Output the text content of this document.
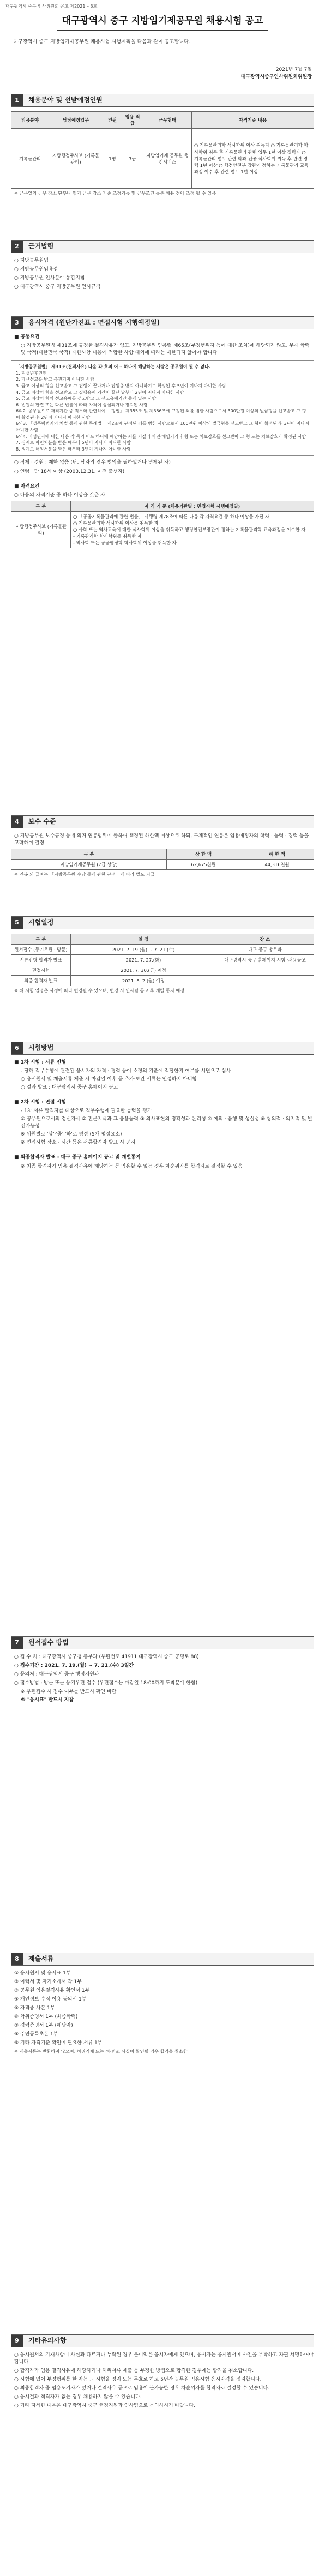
대구광역시 중구 인사위원회 공고 제2021 – 3호
대구광역시 중구 지방임기제공무원 채용시험 공고
대구광역시 중구 지방임기제공무원 채용시험 시행계획을 다음과 같이 공고합니다.
2021년 7월 7일
대구광역시중구인사위원회위원장
1	채용분야 및 선발예정인원
임용분야	담당예정업무	인원	임용 직급	근무형태	자격기준 내용
기록물관리	지방행정주사보 (기록물관리)	1명	7급	지방임기제 공무원 행정서비스	○ 기록물관리학 석사학위 이상 취득자 ○ 기록물관리학 학사학위 취득 후 기록물관리 관련 업무 1년 이상 경력자 ○ 기록물관리 업무 관련 학과 전공 석사학위 취득 후 관련 경력 1년 이상 ○ 행정안전부 장관이 정하는 기록물관리 교육과정 이수 후 관련 업무 1년 이상
※ 근무일의 근무 장소 단부나 임기 근무 장소 기준 조정가능 및 근무조건 등은 채용 전에 조정 될 수 있음
2	근거법령
○ 지방공무원법
○ 지방공무원임용령
○ 지방공무원 인사분야 통합지침
○ 대구광역시 중구 지방공무원 인사규칙
3	응시자격 (원단가진표 : 면접시험 시행예정일)
■ 공통요건
○ 지방공무원법 제31조에 규정한 결격사유가 없고, 지방공무원 임용령 제65조(부정행위자 등에 대한 조치)에 해당되지 않고, 무제 학력 및 국적(대한민국 국적) 제한사항 내용에 적합한 사항 대외에 따라는 제한되지 않아야 합니다.
「지방공무원법」 제31조(결격사유) 다음 각 호의 어느 하나에 해당하는 사람은 공무원이 될 수 없다.
1. 피성년후견인
2. 파산선고를 받고 복권되지 아니한 사람
3. 금고 이상의 형을 선고받고 그 집행이 끝나거나 집행을 받지 아니하기로 확정된 후 5년이 지나지 아니한 사람
4. 금고 이상의 형을 선고받고 그 집행유예 기간이 끝난 날부터 2년이 지나지 아니한 사람
5. 금고 이상의 형의 선고유예를 선고받고 그 선고유예기간 중에 있는 사람
6. 법원의 판결 또는 다른 법률에 따라 자격이 상실되거나 정지된 사람
6의2. 공무원으로 재직기간 중 직무와 관련하여 「형법」 제355조 및 제356조에 규정된 죄를 범한 사람으로서 300만원 이상의 벌금형을 선고받고 그 형이 확정된 후 2년이 지나지 아니한 사람
6의3. 「성폭력범죄의 처벌 등에 관한 특례법」 제2조에 규정된 죄를 범한 사람으로서 100만원 이상의 벌금형을 선고받고 그 형이 확정된 후 3년이 지나지 아니한 사람
6의4. 미성년자에 대한 다음 각 목의 어느 하나에 해당하는 죄를 저질러 파면·해임되거나 형 또는 치료감호를 선고받아 그 형 또는 치료감호가 확정된 사람
7. 징계로 파면처분을 받은 때부터 5년이 지나지 아니한 사람
8. 징계로 해임처분을 받은 때부터 3년이 지나지 아니한 사람
○ 직제 · 정원 : 제한 없음 (단, 남자의 경우 병역을 필하였거나 면제된 자)
○ 연령 : 만 18세 이상 (2003.12.31. 이전 출생자)
■ 자격요건
○ 다음의 자격기준 중 하나 이상을 갖춘 자
구 분	자 격 기 준 (채용기관별 : 면접시험 시행예정일)
지방행정주사보 (기록물관리)	○ 「공공기록물관리에 관한 법률」 시행령 제78조에 따른 다음 각 자격요건 중 하나 이상을 가진 자
○ 기록물관리학 석사학위 이상을 취득한 자
○ 사학 또는 역사교육에 대한 석사학위 이상을 취득하고 행정안전부장관이 정하는 기록물관리학 교육과정을 이수한 자
- 기록관리학 학사학위를 취득한 자
- 역사학 또는 공공행정학 학사학위 이상을 취득한 자
4	보수 수준
○ 지방공무원 보수규정 등에 의거 연봉범위에 한하여 책정된 하한액 이상으로 하되, 구체적인 연봉은 임용예정자의 학력 · 능력 · 경력 등을 고려하여 결정
구 분	상 한 액	하 한 액
지방임기제공무원 (7급 상당)	62,675천원	44,316천원
※ 연봉 외 급여는 「지방공무원 수당 등에 관한 규정」에 따라 별도 지급
5	시험일정
구 분	일 정	장 소
원서접수 (등기우편 · 방문)	2021. 7. 19.(월) ~ 7. 21.(수)	대구 중구 총무과
서류전형 합격자 발표	2021. 7. 27.(화)	대구광역시 중구 홈페이지 시험 ·채용공고
면접시험	2021. 7. 30.(금) 예정	
최종 합격자 발표	2021. 8. 2.(월) 예정	
※ 위 시험 일정은 사정에 따라 변경될 수 있으며, 변경 시 인사팀 공고 후 개별 통지 예정
6	시험방법
■ 1차 시험 : 서류 전형
- 당해 직무수행에 관련된 응시자의 자격 · 경력 등이 소정의 기준에 적합한지 여부를 서면으로 심사
○ 응시원서 및 제출서류 제출 시 마감일 이후 등 추가·보완 서류는 인정하지 아니함
○ 결과 발표 : 대구광역시 중구 홈페이지 공고
■ 2차 시험 : 면접 시험
- 1차 서류 합격자를 대상으로 직무수행에 필요한 능력을 평가
① 공무원으로서의 정신자세 ② 전문지식과 그 응용능력 ③ 의사표현의 정확성과 논리성 ④ 예의 · 품행 및 성실성 ⑤ 창의력 · 의지력 및 발전가능성
※ 위원별로 '상'·'중'·'하'로 평정 (5개 평정요소)
※ 면접시험 장소 · 시간 등은 서류합격자 발표 시 공지
■ 최종합격자 발표 : 대구 중구 홈페이지 공고 및 개별통지
※ 최종 합격자가 임용 결격사유에 해당하는 등 임용할 수 없는 경우 차순위자를 합격자로 결정할 수 있음
7	원서접수 방법
○ 접 수 처 : 대구광역시 중구청 총무과 (우편번호 41911 대구광역시 중구 공평로 88)
○ 접수기간 : 2021. 7. 19.(월) ~ 7. 21.(수) 3일간
○ 문의처 : 대구광역시 중구 행정지원과
○ 접수방법 : 방문 또는 등기우편 접수 (우편접수는 마감일 18:00까지 도착분에 한함)
※ 우편접수 시 접수 여부를 반드시 확인 바람
※ "응시표" 반드시 지참
8	제출서류
① 응시원서 및 응시표 1부
② 이력서 및 자기소개서 각 1부
③ 공무원 임용결격사유 확인서 1부
④ 개인정보 수집·이용 동의서 1부
⑤ 자격증 사본 1부
⑥ 학위증명서 1부 (최종학력)
⑦ 경력증명서 1부 (해당자)
⑧ 주민등록초본 1부
⑨ 기타 자격기준 확인에 필요한 서류 1부
※ 제출서류는 반환하지 않으며, 허위기재 또는 위·변조 사실이 확인될 경우 합격을 취소함
9	기타유의사항
○ 응시원서의 기재사항이 사실과 다르거나 누락된 경우 불이익은 응시자에게 있으며, 응시자는 응시원서에 사진을 부착하고 자필 서명하여야 합니다.
○ 합격자가 임용 결격사유에 해당하거나 허위서류 제출 등 부정한 방법으로 합격한 경우에는 합격을 취소합니다.
○ 시험에 있어 부정행위를 한 자는 그 시험을 정지 또는 무효로 하고 5년간 공무원 임용시험 응시자격을 정지합니다.
○ 최종합격자 중 임용포기자가 있거나 결격사유 등으로 임용이 불가능한 경우 차순위자를 합격자로 결정할 수 있습니다.
○ 응시결과 적격자가 없는 경우 채용하지 않을 수 있습니다.
○ 기타 자세한 내용은 대구광역시 중구 행정지원과 인사팀으로 문의하시기 바랍니다.
